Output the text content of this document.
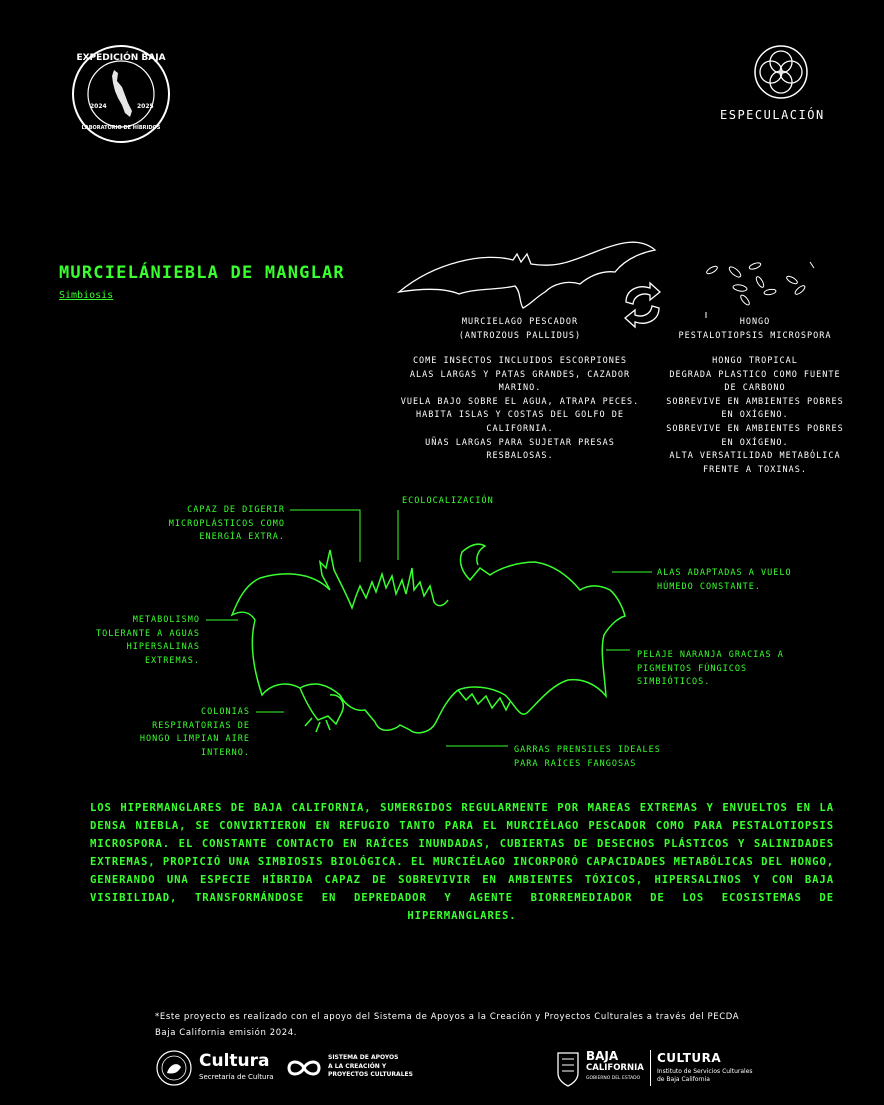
EXPEDICIÓN BAJA
LABORATORIO DE HÍBRIDOS
2024	2025
ESPECULACIÓN
MURCIELÁNIEBLA DE MANGLAR
Simbiosis
MURCIELAGO PESCADOR
(ANTROZOUS PALLIDUS)
COME INSECTOS INCLUIDOS ESCORPIONES
ALAS LARGAS Y PATAS GRANDES, CAZADOR
MARINO.
VUELA BAJO SOBRE EL AGUA, ATRAPA PECES.
HABITA ISLAS Y COSTAS DEL GOLFO DE
CALIFORNIA.
UÑAS LARGAS PARA SUJETAR PRESAS
RESBALOSAS.
HONGO
PESTALOTIOPSIS MICROSPORA
HONGO TROPICAL
DEGRADA PLASTICO COMO FUENTE
DE CARBONO
SOBREVIVE EN AMBIENTES POBRES
EN OXÍGENO.
SOBREVIVE EN AMBIENTES POBRES
EN OXÍGENO.
ALTA VERSATILIDAD METABÓLICA
FRENTE A TOXINAS.
CAPAZ DE DIGERIR
MICROPLÁSTICOS COMO
ENERGÍA EXTRA.
ECOLOCALIZACIÓN
ALAS ADAPTADAS A VUELO
HÚMEDO CONSTANTE.
METABOLISMO
TOLERANTE A AGUAS
HIPERSALINAS
EXTREMAS.
PELAJE NARANJA GRACIAS A
PIGMENTOS FÚNGICOS
SIMBIÓTICOS.
COLONIAS
RESPIRATORIAS DE
HONGO LIMPIAN AIRE
INTERNO.	GARRAS PRENSILES IDEALES
PARA RAÍCES FANGOSAS
LOS HIPERMANGLARES DE BAJA CALIFORNIA, SUMERGIDOS REGULARMENTE POR MAREAS EXTREMAS Y ENVUELTOS EN LA DENSA NIEBLA, SE CONVIRTIERON EN REFUGIO TANTO PARA EL MURCIÉLAGO PESCADOR COMO PARA PESTALOTIOPSIS MICROSPORA. EL CONSTANTE CONTACTO EN RAÍCES INUNDADAS, CUBIERTAS DE DESECHOS PLÁSTICOS Y SALINIDADES EXTREMAS, PROPICIÓ UNA SIMBIOSIS BIOLÓGICA. EL MURCIÉLAGO INCORPORÓ CAPACIDADES METABÓLICAS DEL HONGO, GENERANDO UNA ESPECIE HÍBRIDA CAPAZ DE SOBREVIVIR EN AMBIENTES TÓXICOS, HIPERSALINOS Y CON BAJA VISIBILIDAD, TRANSFORMÁNDOSE EN DEPREDADOR Y AGENTE BIORREMEDIADOR DE LOS ECOSISTEMAS DE HIPERMANGLARES.
*Este proyecto es realizado con el apoyo del Sistema de Apoyos a la Creación y Proyectos Culturales a través del PECDA Baja California emisión 2024.
Cultura
Secretaría de Cultura
SISTEMA DE APOYOS
A LA CREACIÓN Y
PROYECTOS CULTURALES
BAJA
CALIFORNIA
GOBIERNO DEL ESTADO
CULTURA
Instituto de Servicios Culturales
de Baja California
